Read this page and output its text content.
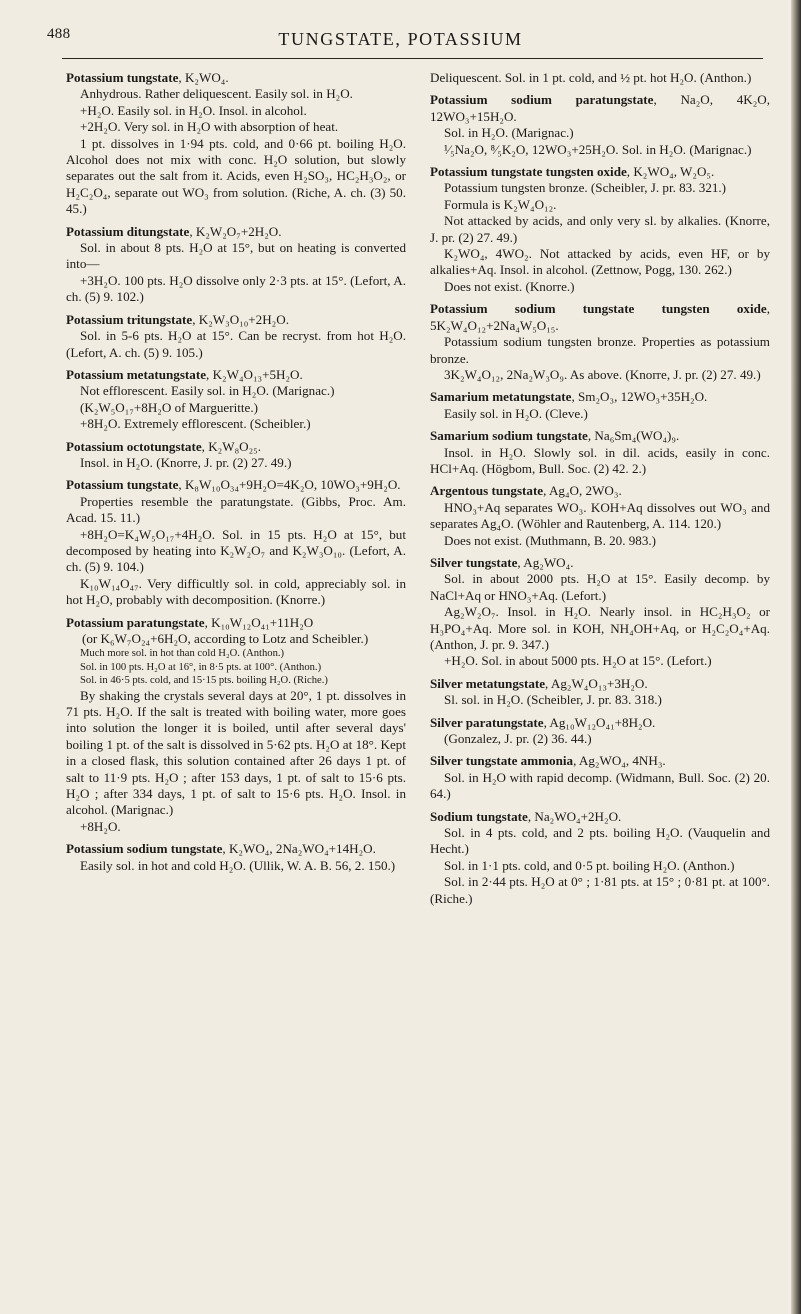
488	TUNGSTATE, POTASSIUM

Potassium tungstate, K₂WO₄.

Anhydrous. Rather deliquescent. Easily sol. in H₂O.

+H₂O. Easily sol. in H₂O. Insol. in alcohol.

+2H₂O. Very sol. in H₂O with absorption of heat.

1 pt. dissolves in 1·94 pts. cold, and 0·66 pt. boiling H₂O. Alcohol does not mix with conc. H₂O solution, but slowly separates out the salt from it. Acids, even H₂SO₃, HC₂H₃O₂, or H₂C₂O₄, separate out WO₃ from solution. (Riche, A. ch. (3) 50. 45.)

Potassium ditungstate, K₂W₂O₇+2H₂O.

Sol. in about 8 pts. H₂O at 15°, but on heating is converted into—

+3H₂O. 100 pts. H₂O dissolve only 2·3 pts. at 15°. (Lefort, A. ch. (5) 9. 102.)

Potassium tritungstate, K₂W₃O₁₀+2H₂O.

Sol. in 5-6 pts. H₂O at 15°. Can be recryst. from hot H₂O. (Lefort, A. ch. (5) 9. 105.)

Potassium metatungstate, K₂W₄O₁₃+5H₂O.

Not efflorescent. Easily sol. in H₂O. (Marignac.)

(K₂W₅O₁₇+8H₂O of Margueritte.)

+8H₂O. Extremely efflorescent. (Scheibler.)

Potassium octotungstate, K₂W₈O₂₅.

Insol. in H₂O. (Knorre, J. pr. (2) 27. 49.)

Potassium tungstate, K₈W₁₀O₃₄+9H₂O=4K₂O, 10WO₃+9H₂O.

Properties resemble the paratungstate. (Gibbs, Proc. Am. Acad. 15. 11.)

+8H₂O=K₄W₅O₁₇+4H₂O. Sol. in 15 pts. H₂O at 15°, but decomposed by heating into K₂W₂O₇ and K₂W₃O₁₀. (Lefort, A. ch. (5) 9. 104.)

K₁₀W₁₄O₄₇. Very difficultly sol. in cold, appreciably sol. in hot H₂O, probably with decomposition. (Knorre.)

Potassium paratungstate, K₁₀W₁₂O₄₁+11H₂O

(or K₆W₇O₂₄+6H₂O, according to Lotz and Scheibler.)

Much more sol. in hot than cold H₂O. (Anthon.)

Sol. in 100 pts. H₂O at 16°, in 8·5 pts. at 100°. (Anthon.)

Sol. in 46·5 pts. cold, and 15·15 pts. boiling H₂O. (Riche.)

By shaking the crystals several days at 20°, 1 pt. dissolves in 71 pts. H₂O. If the salt is treated with boiling water, more goes into solution the longer it is boiled, until after several days' boiling 1 pt. of the salt is dissolved in 5·62 pts. H₂O at 18°. Kept in a closed flask, this solution contained after 26 days 1 pt. of salt to 11·9 pts. H₂O ; after 153 days, 1 pt. of salt to 15·6 pts. H₂O ; after 334 days, 1 pt. of salt to 15·6 pts. H₂O. Insol. in alcohol. (Marignac.)

+8H₂O.

Potassium sodium tungstate, K₂WO₄, 2Na₂WO₄+14H₂O.

Easily sol. in hot and cold H₂O. (Ullik, W. A. B. 56, 2. 150.)

Deliquescent. Sol. in 1 pt. cold, and ½ pt. hot H₂O. (Anthon.)

Potassium sodium paratungstate, Na₂O, 4K₂O, 12WO₃+15H₂O.

Sol. in H₂O. (Marignac.)

¹⁄₅Na₂O, ⁸⁄₅K₂O, 12WO₃+25H₂O. Sol. in H₂O. (Marignac.)

Potassium tungstate tungsten oxide, K₂WO₄, W₂O₅.

Potassium tungsten bronze. (Scheibler, J. pr. 83. 321.)

Formula is K₂W₄O₁₂.

Not attacked by acids, and only very sl. by alkalies. (Knorre, J. pr. (2) 27. 49.)

K₂WO₄, 4WO₂. Not attacked by acids, even HF, or by alkalies+Aq. Insol. in alcohol. (Zettnow, Pogg, 130. 262.)

Does not exist. (Knorre.)

Potassium sodium tungstate tungsten oxide, 5K₂W₄O₁₂+2Na₄W₅O₁₅.

Potassium sodium tungsten bronze. Properties as potassium bronze.

3K₂W₄O₁₂, 2Na₂W₃O₉. As above. (Knorre, J. pr. (2) 27. 49.)

Samarium metatungstate, Sm₂O₃, 12WO₃+35H₂O.

Easily sol. in H₂O. (Cleve.)

Samarium sodium tungstate, Na₆Sm₄(WO₄)₉.

Insol. in H₂O. Slowly sol. in dil. acids, easily in conc. HCl+Aq. (Högbom, Bull. Soc. (2) 42. 2.)

Argentous tungstate, Ag₄O, 2WO₃.

HNO₃+Aq separates WO₃. KOH+Aq dissolves out WO₃ and separates Ag₄O. (Wöhler and Rautenberg, A. 114. 120.)

Does not exist. (Muthmann, B. 20. 983.)

Silver tungstate, Ag₂WO₄.

Sol. in about 2000 pts. H₂O at 15°. Easily decomp. by NaCl+Aq or HNO₃+Aq. (Lefort.)

Ag₂W₂O₇. Insol. in H₂O. Nearly insol. in HC₂H₃O₂ or H₃PO₄+Aq. More sol. in KOH, NH₄OH+Aq, or H₂C₂O₄+Aq. (Anthon, J. pr. 9. 347.)

+H₂O. Sol. in about 5000 pts. H₂O at 15°. (Lefort.)

Silver metatungstate, Ag₂W₄O₁₃+3H₂O.

Sl. sol. in H₂O. (Scheibler, J. pr. 83. 318.)

Silver paratungstate, Ag₁₀W₁₂O₄₁+8H₂O.

(Gonzalez, J. pr. (2) 36. 44.)

Silver tungstate ammonia, Ag₂WO₄, 4NH₃.

Sol. in H₂O with rapid decomp. (Widmann, Bull. Soc. (2) 20. 64.)

Sodium tungstate, Na₂WO₄+2H₂O.

Sol. in 4 pts. cold, and 2 pts. boiling H₂O. (Vauquelin and Hecht.)

Sol. in 1·1 pts. cold, and 0·5 pt. boiling H₂O. (Anthon.)

Sol. in 2·44 pts. H₂O at 0° ; 1·81 pts. at 15° ; 0·81 pt. at 100°. (Riche.)
